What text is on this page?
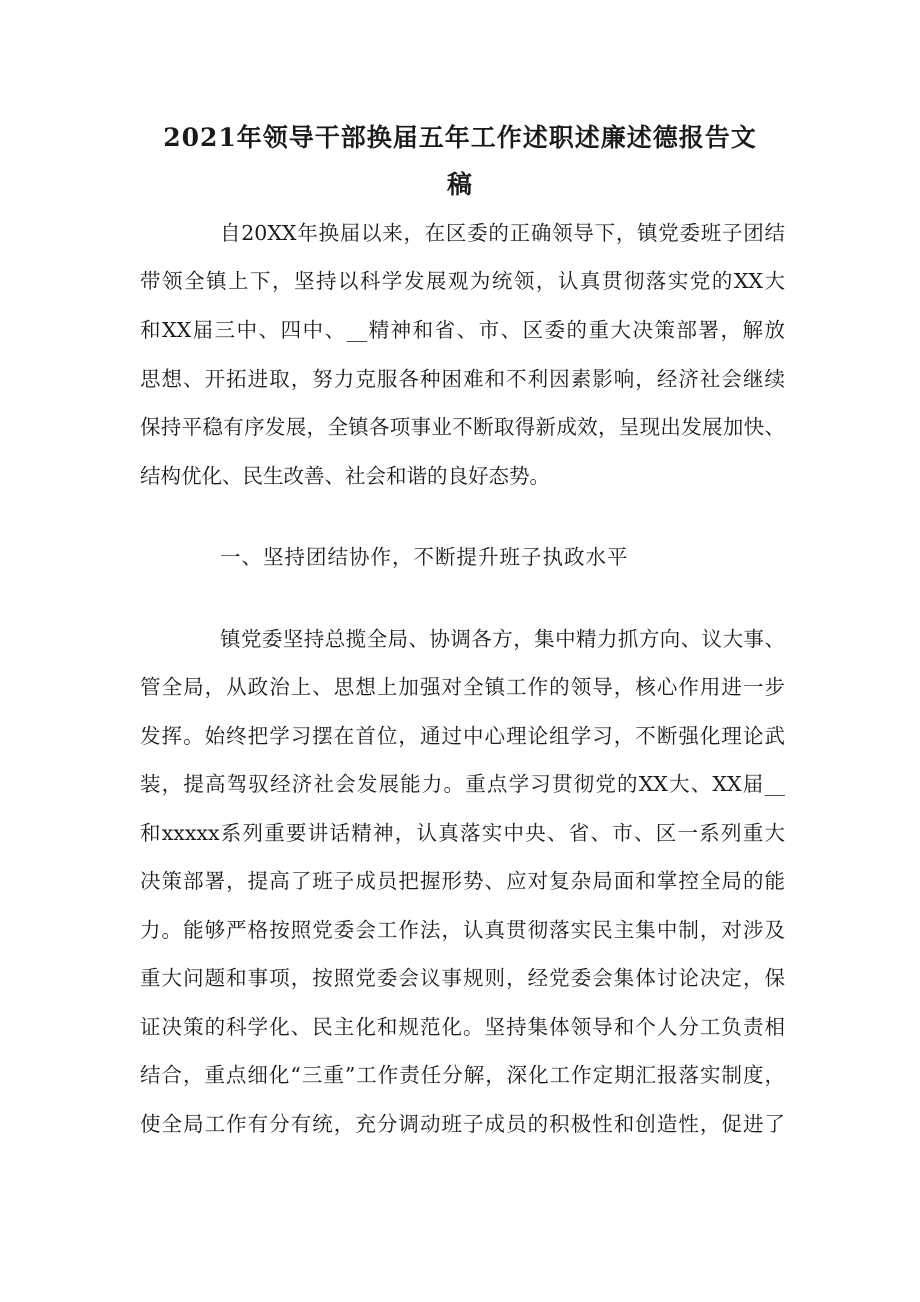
2021年领导干部换届五年工作述职述廉述德报告文
稿
自20XX年换届以来，在区委的正确领导下，镇党委班子团结
带领全镇上下，坚持以科学发展观为统领，认真贯彻落实党的XX大
和XX届三中、四中、__精神和省、市、区委的重大决策部署，解放
思想、开拓进取，努力克服各种困难和不利因素影响，经济社会继续
保持平稳有序发展，全镇各项事业不断取得新成效，呈现出发展加快、
结构优化、民生改善、社会和谐的良好态势。
一、坚持团结协作，不断提升班子执政水平
镇党委坚持总揽全局、协调各方，集中精力抓方向、议大事、
管全局，从政治上、思想上加强对全镇工作的领导，核心作用进一步
发挥。始终把学习摆在首位，通过中心理论组学习，不断强化理论武
装，提高驾驭经济社会发展能力。重点学习贯彻党的XX大、XX届__
和xxxxx系列重要讲话精神，认真落实中央、省、市、区一系列重大
决策部署，提高了班子成员把握形势、应对复杂局面和掌控全局的能
力。能够严格按照党委会工作法，认真贯彻落实民主集中制，对涉及
重大问题和事项，按照党委会议事规则，经党委会集体讨论决定，保
证决策的科学化、民主化和规范化。坚持集体领导和个人分工负责相
结合，重点细化“三重”工作责任分解，深化工作定期汇报落实制度，
使全局工作有分有统，充分调动班子成员的积极性和创造性，促进了
